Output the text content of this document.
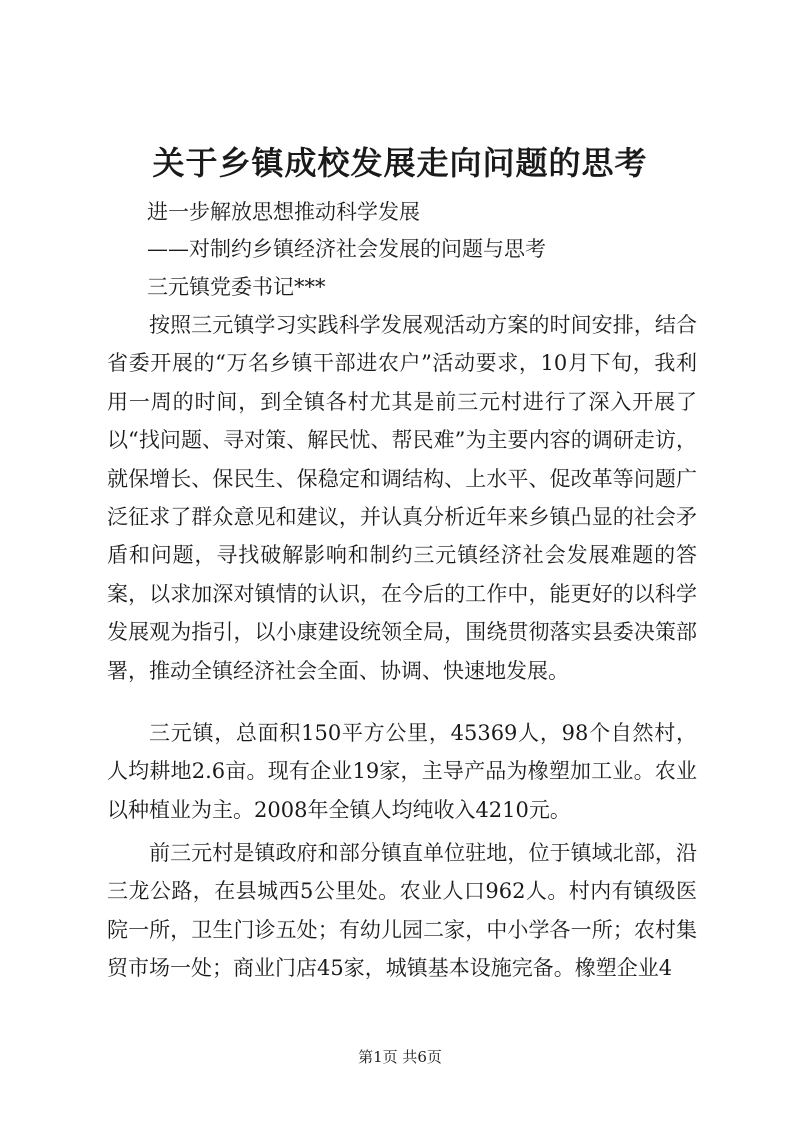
关于乡镇成校发展走向问题的思考

进一步解放思想推动科学发展

——对制约乡镇经济社会发展的问题与思考

三元镇党委书记***

按照三元镇学习实践科学发展观活动方案的时间安排，结合省委开展的“万名乡镇干部进农户”活动要求，10月下旬，我利用一周的时间，到全镇各村尤其是前三元村进行了深入开展了以“找问题、寻对策、解民忧、帮民难”为主要内容的调研走访，就保增长、保民生、保稳定和调结构、上水平、促改革等问题广泛征求了群众意见和建议，并认真分析近年来乡镇凸显的社会矛盾和问题，寻找破解影响和制约三元镇经济社会发展难题的答案，以求加深对镇情的认识，在今后的工作中，能更好的以科学发展观为指引，以小康建设统领全局，围绕贯彻落实县委决策部署，推动全镇经济社会全面、协调、快速地发展。

三元镇，总面积150平方公里，45369人，98个自然村，人均耕地2.6亩。现有企业19家，主导产品为橡塑加工业。农业以种植业为主。2008年全镇人均纯收入4210元。

前三元村是镇政府和部分镇直单位驻地，位于镇域北部，沿三龙公路，在县城西5公里处。农业人口962人。村内有镇级医院一所，卫生门诊五处；有幼儿园二家，中小学各一所；农村集贸市场一处；商业门店45家，城镇基本设施完备。橡塑企业4

第1页 共6页
